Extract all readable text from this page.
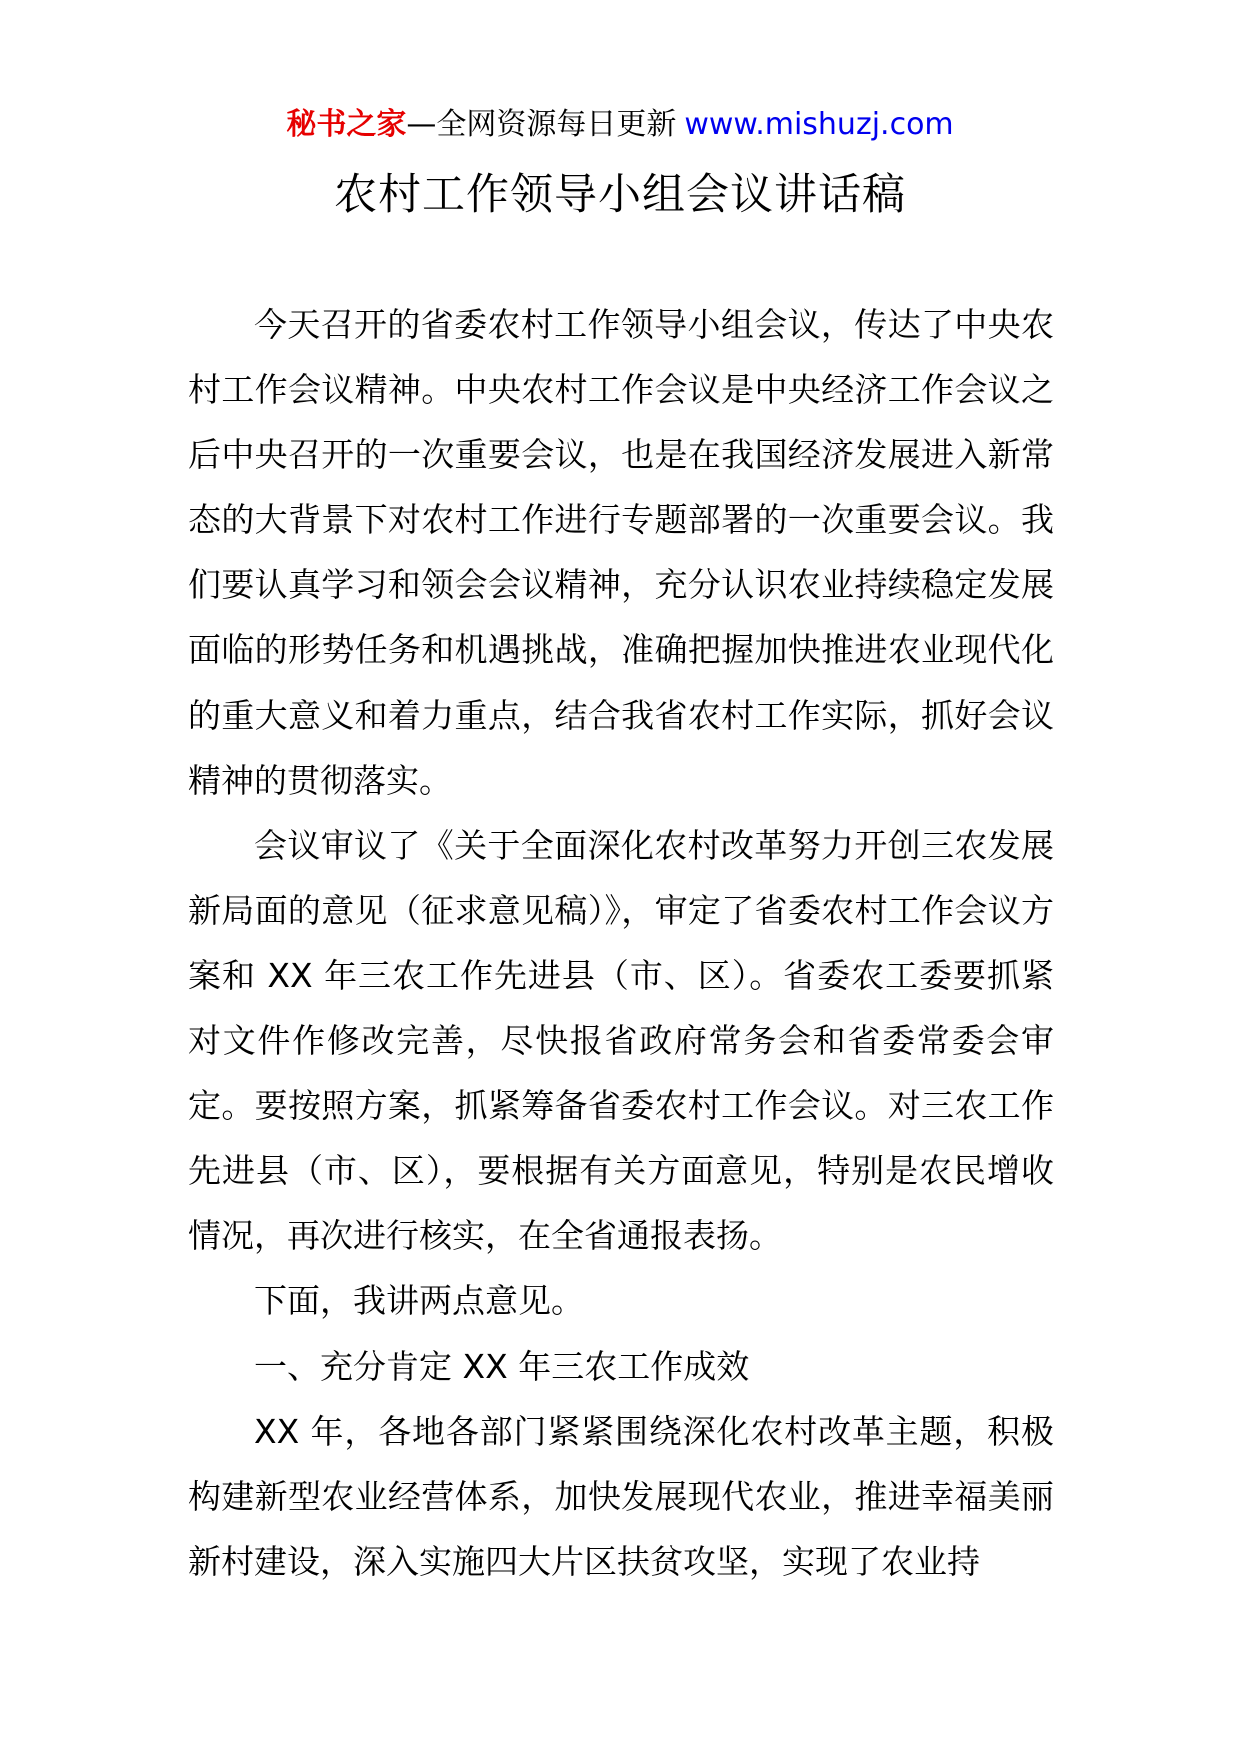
秘书之家—全网资源每日更新 www.mishuzj.com
农村工作领导小组会议讲话稿

今天召开的省委农村工作领导小组会议，传达了中央农村工作会议精神。中央农村工作会议是中央经济工作会议之后中央召开的一次重要会议，也是在我国经济发展进入新常态的大背景下对农村工作进行专题部署的一次重要会议。我们要认真学习和领会会议精神，充分认识农业持续稳定发展面临的形势任务和机遇挑战，准确把握加快推进农业现代化的重大意义和着力重点，结合我省农村工作实际，抓好会议精神的贯彻落实。

会议审议了《关于全面深化农村改革努力开创三农发展新局面的意见（征求意见稿）》，审定了省委农村工作会议方案和 XX 年三农工作先进县（市、区）。省委农工委要抓紧对文件作修改完善，尽快报省政府常务会和省委常委会审定。要按照方案，抓紧筹备省委农村工作会议。对三农工作先进县（市、区），要根据有关方面意见，特别是农民增收情况，再次进行核实，在全省通报表扬。

下面，我讲两点意见。

一、充分肯定 XX 年三农工作成效

XX 年，各地各部门紧紧围绕深化农村改革主题，积极构建新型农业经营体系，加快发展现代农业，推进幸福美丽新村建设，深入实施四大片区扶贫攻坚，实现了农业持
